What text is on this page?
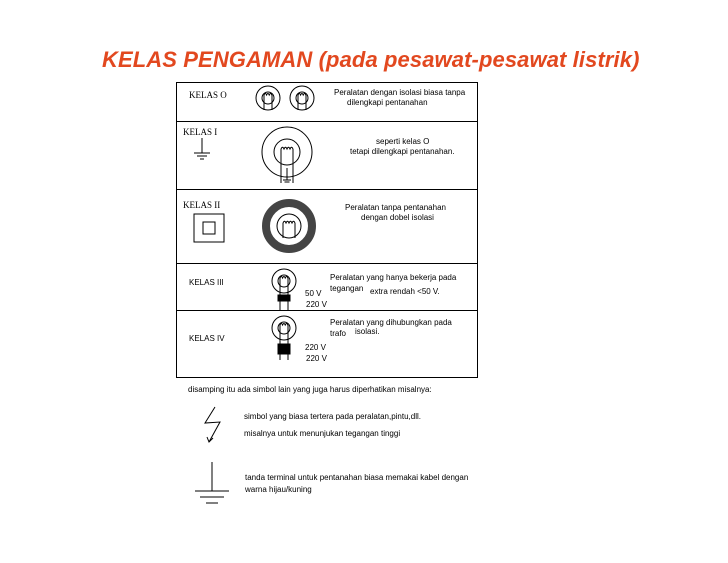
KELAS PENGAMAN (pada pesawat-pesawat listrik)
KELAS O
KELAS I
KELAS II
KELAS III
KELAS IV
Peralatan dengan isolasi biasa tanpa
dilengkapi pentanahan
seperti kelas O
tetapi dilengkapi pentanahan.
Peralatan tanpa pentanahan
dengan dobel isolasi
Peralatan yang hanya bekerja pada
tegangan extra rendah <50 V.
50 V
220 V
Peralatan yang dihubungkan pada
trafo isolasi.
220 V
220 V
disamping itu ada simbol lain yang juga harus diperhatikan misalnya:
simbol yang biasa tertera pada peralatan,pintu,dll.
misalnya untuk menunjukan tegangan tinggi
tanda terminal untuk pentanahan biasa memakai kabel dengan
warna hijau/kuning
